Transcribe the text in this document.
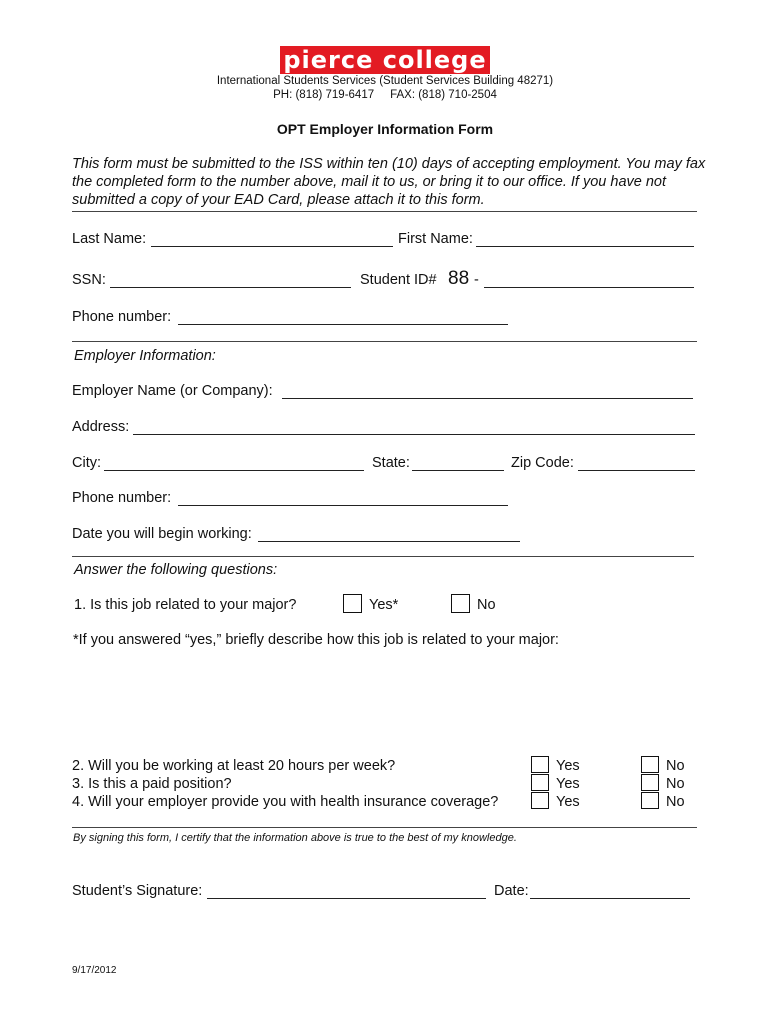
pierce college
International Students Services (Student Services Building 48271)
PH: (818) 719-6417 FAX: (818) 710-2504
OPT Employer Information Form
This form must be submitted to the ISS within ten (10) days of accepting employment. You may fax the completed form to the number above, mail it to us, or bring it to our office. If you have not submitted a copy of your EAD Card, please attach it to this form.
Last Name:	First Name:
SSN:	Student ID# 88 -
Phone number:
Employer Information:
Employer Name (or Company):
Address:
City:	State:	Zip Code:
Phone number:
Date you will begin working:
Answer the following questions:
1. Is this job related to your major?	Yes*	No
*If you answered “yes,” briefly describe how this job is related to your major:
2. Will you be working at least 20 hours per week?	Yes	No
3. Is this a paid position?	Yes	No
4. Will your employer provide you with health insurance coverage?	Yes	No
By signing this form, I certify that the information above is true to the best of my knowledge.
Student’s Signature:	Date:
9/17/2012
